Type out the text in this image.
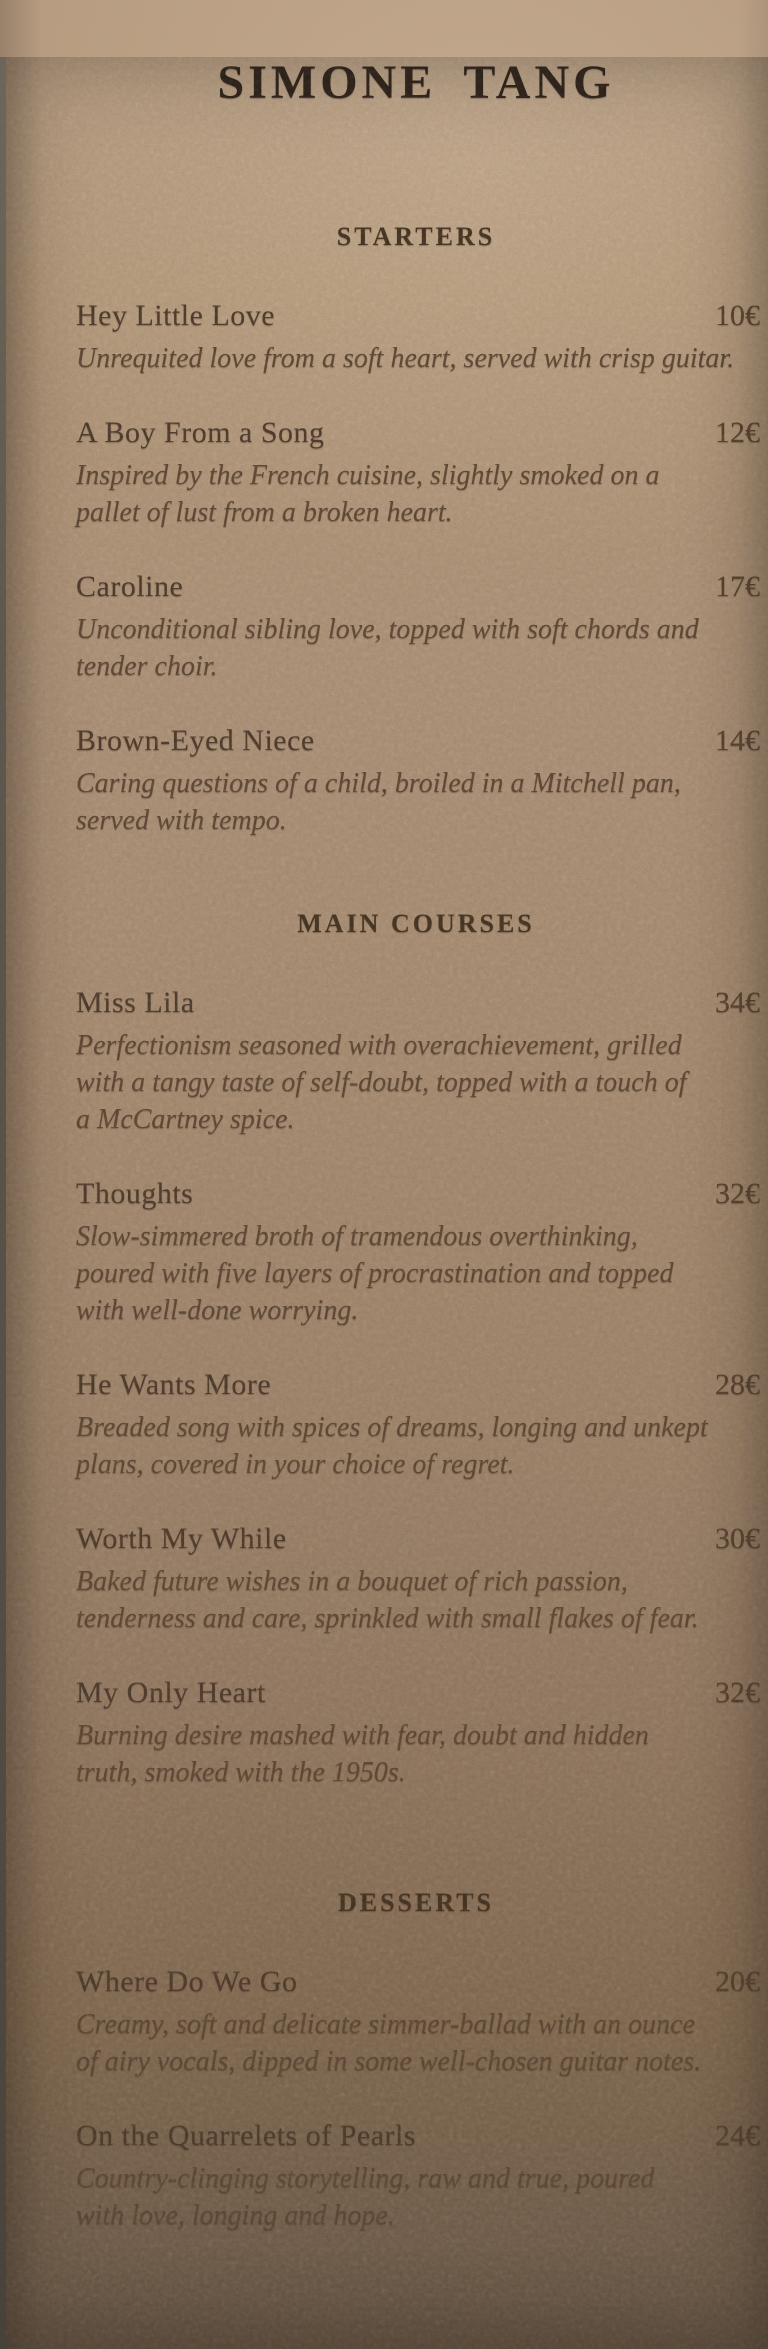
SIMONE TANG
STARTERS
Hey Little Love	10€
Unrequited love from a soft heart, served with crisp guitar.
A Boy From a Song	12€
Inspired by the French cuisine, slightly smoked on a
pallet of lust from a broken heart.
Caroline	17€
Unconditional sibling love, topped with soft chords and
tender choir.
Brown-Eyed Niece	14€
Caring questions of a child, broiled in a Mitchell pan,
served with tempo.
MAIN COURSES
Miss Lila	34€
Perfectionism seasoned with overachievement, grilled
with a tangy taste of self-doubt, topped with a touch of
a McCartney spice.
Thoughts	32€
Slow-simmered broth of tramendous overthinking,
poured with five layers of procrastination and topped
with well-done worrying.
He Wants More	28€
Breaded song with spices of dreams, longing and unkept
plans, covered in your choice of regret.
Worth My While	30€
Baked future wishes in a bouquet of rich passion,
tenderness and care, sprinkled with small flakes of fear.
My Only Heart	32€
Burning desire mashed with fear, doubt and hidden
truth, smoked with the 1950s.
DESSERTS
Where Do We Go	20€
Creamy, soft and delicate simmer-ballad with an ounce
of airy vocals, dipped in some well-chosen guitar notes.
On the Quarrelets of Pearls	24€
Country-clinging storytelling, raw and true, poured
with love, longing and hope.
